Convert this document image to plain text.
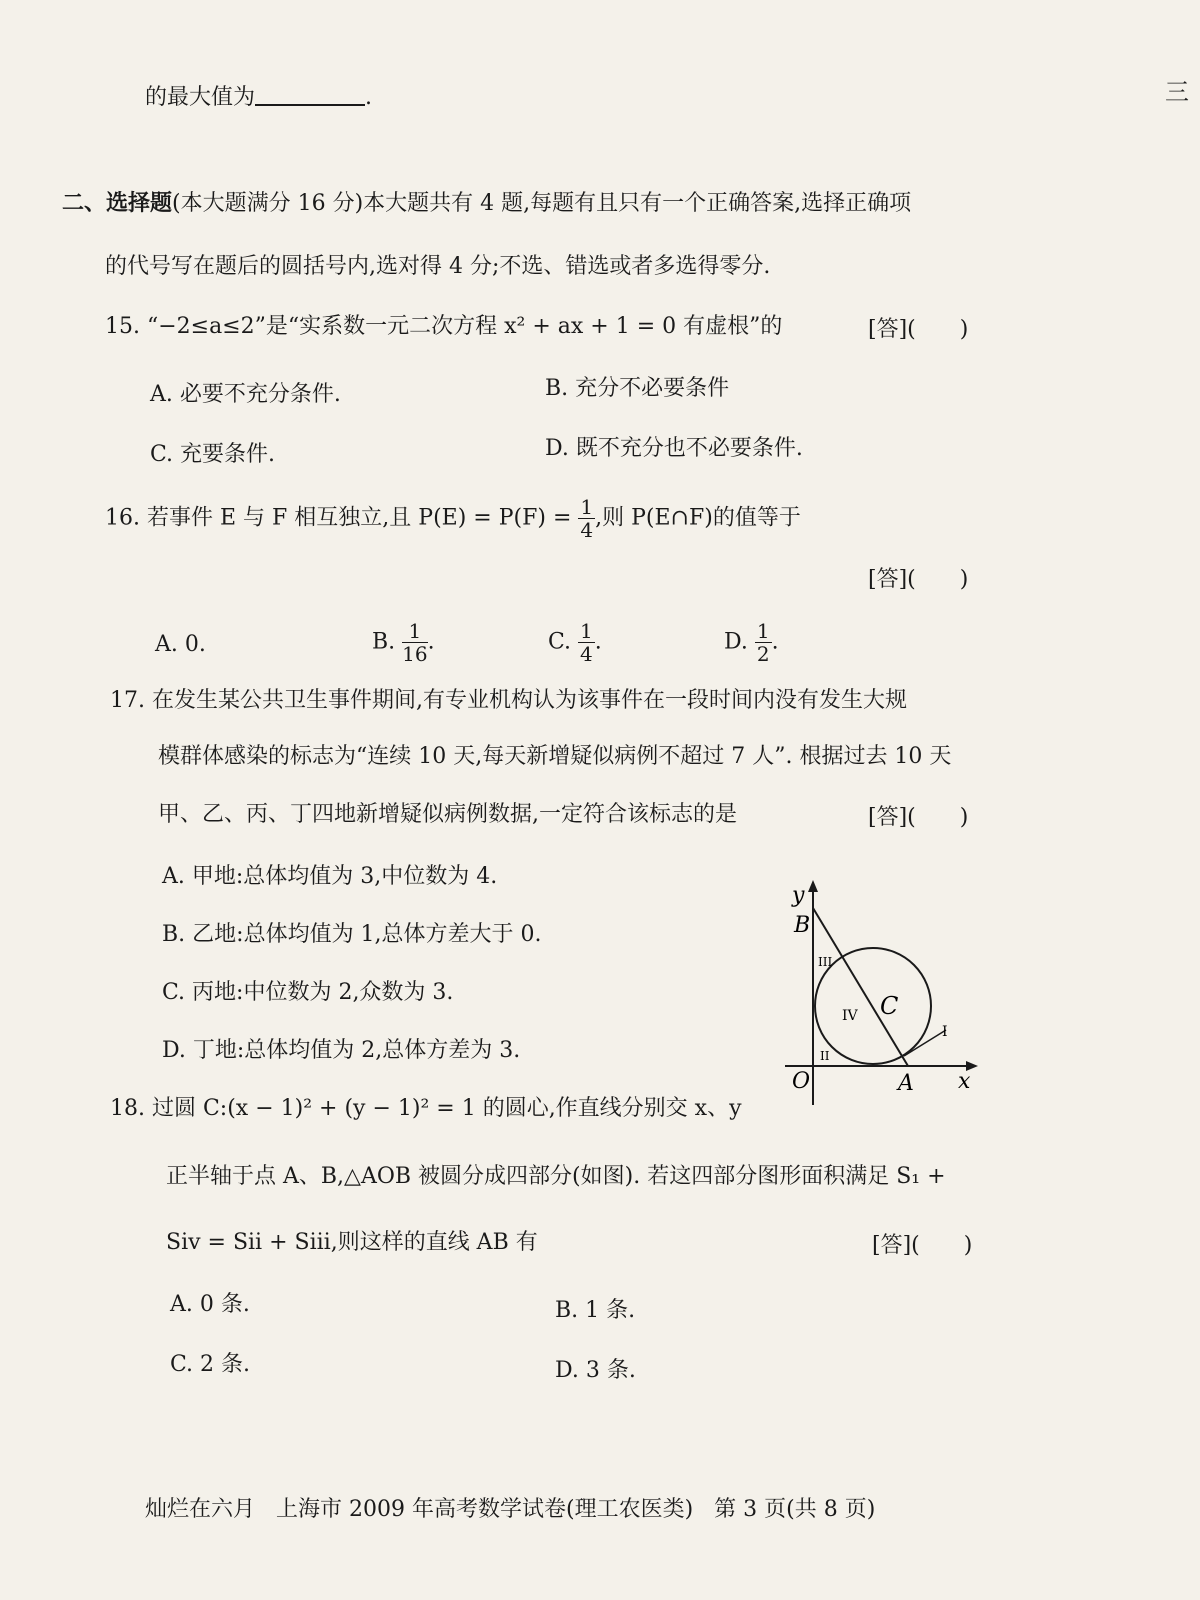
的最大值为	.
二、选择题(本大题满分 16 分)本大题共有 4 题,每题有且只有一个正确答案,选择正确项
的代号写在题后的圆括号内,选对得 4 分;不选、错选或者多选得零分.
15. “−2≤a≤2”是“实系数一元二次方程 x² + ax + 1 = 0 有虚根”的	[答](　　)
A. 必要不充分条件.	B. 充分不必要条件
C. 充要条件.	D. 既不充分也不必要条件.
16. 若事件 E 与 F 相互独立,且 $P(E) = P(F) = \frac{1}{4}$ ,则 P(E∩F)的值等于
[答](　　)
A. 0.	B. $\frac{1}{16}$ .	C. $\frac{1}{4}$ .	D. $\frac{1}{2}$ .
17. 在发生某公共卫生事件期间,有专业机构认为该事件在一段时间内没有发生大规
模群体感染的标志为“连续 10 天,每天新增疑似病例不超过 7 人”. 根据过去 10 天
甲、乙、丙、丁四地新增疑似病例数据,一定符合该标志的是	[答](　　)
A. 甲地:总体均值为 3,中位数为 4.
B. 乙地:总体均值为 1,总体方差大于 0.
C. 丙地:中位数为 2,众数为 3.
D. 丁地:总体均值为 2,总体方差为 3.
y
B
O	A x
C
I
II
III
IV
18. 过圆 C:(x − 1)² + (y − 1)² = 1 的圆心,作直线分别交 x、y
正半轴于点 A、B,△AOB 被圆分成四部分(如图). 若这四部分图形面积满足 S₁ +
Sⅳ = Sⅱ + Sⅲ,则这样的直线 AB 有	[答](　　)
A. 0 条.	B. 1 条.
C. 2 条.	D. 3 条.
灿烂在六月 上海市 2009 年高考数学试卷(理工农医类) 第 3 页(共 8 页)
三
